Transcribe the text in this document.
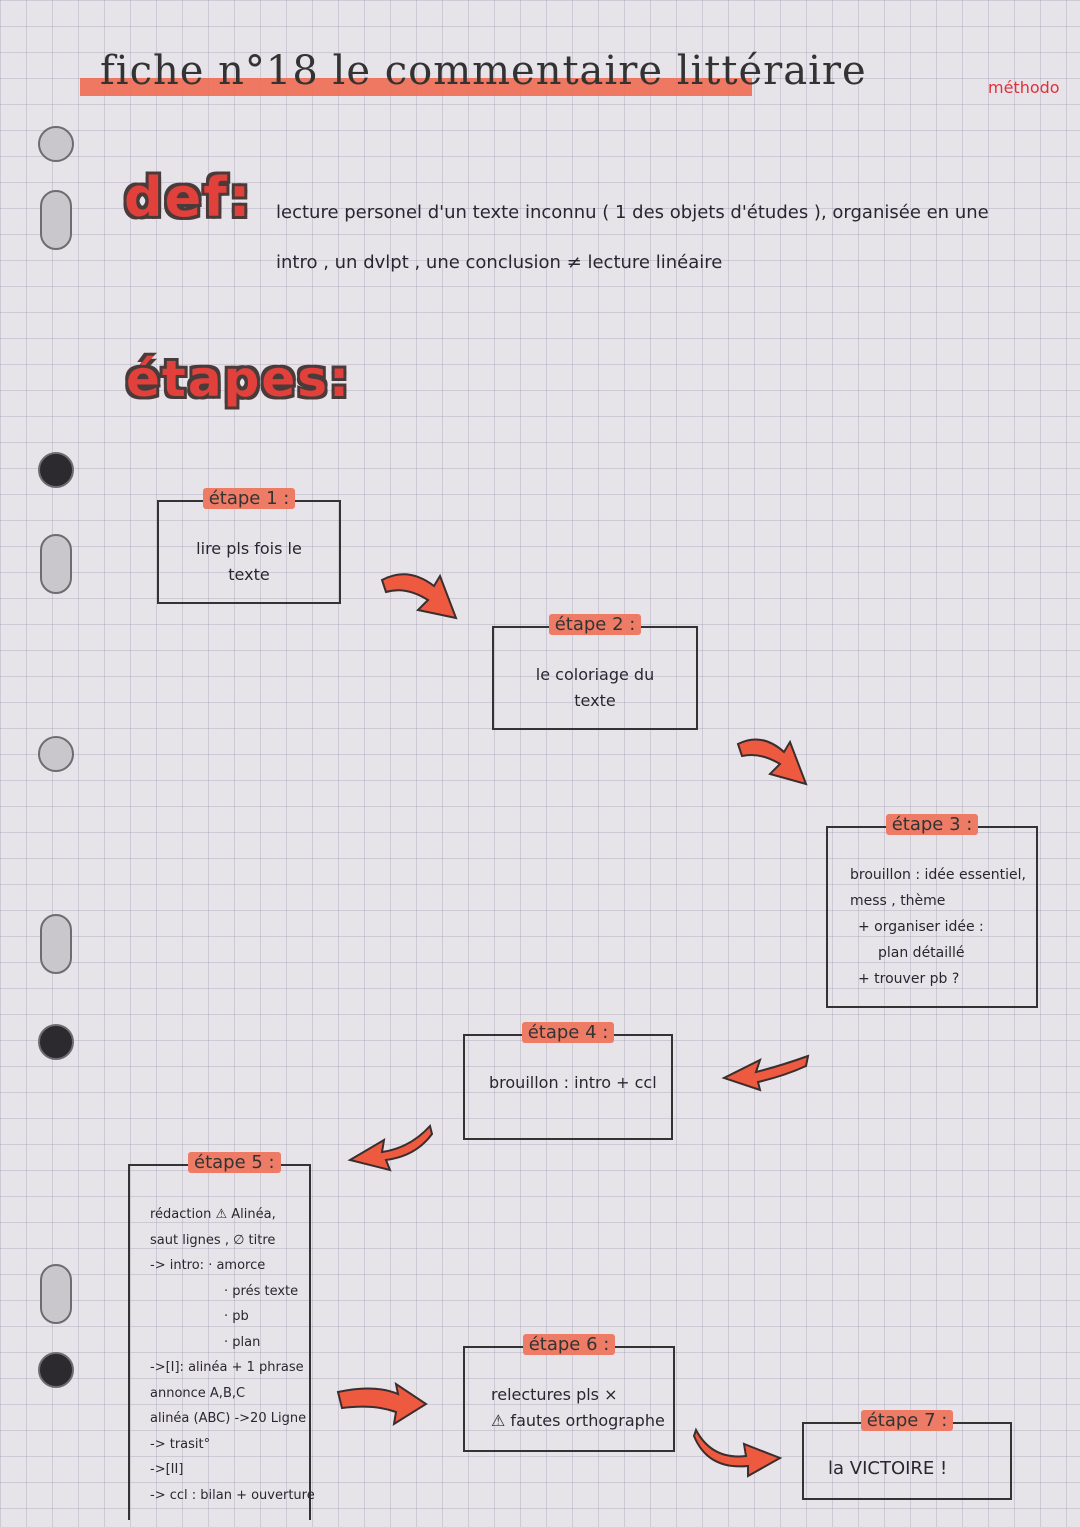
fiche n°18 le commentaire littéraire	méthodo
def: lecture personel d'un texte inconnu ( 1 des objets d'études ), organisée en une
intro , un dvlpt , une conclusion ≠ lecture linéaire
étapes:
étape 1 :
lire pls fois le
texte
étape 2 :
le coloriage du
texte
étape 3 :
brouillon : idée essentiel,
mess , thème
+ organiser idée :
plan détaillé
+ trouver pb ?
étape 4 :
brouillon : intro + ccl
étape 5 :
rédaction ⚠ Alinéa,
saut lignes , ∅ titre
-> intro: · amorce
· prés texte
· pb
· plan
->[I]: alinéa + 1 phrase
annonce A,B,C
alinéa (ABC) ->20 Ligne
-> trasit°
->[II]
-> ccl : bilan + ouverture
étape 6 :
relectures pls ×
⚠ fautes orthographe	étape 7 :
la VICTOIRE !
